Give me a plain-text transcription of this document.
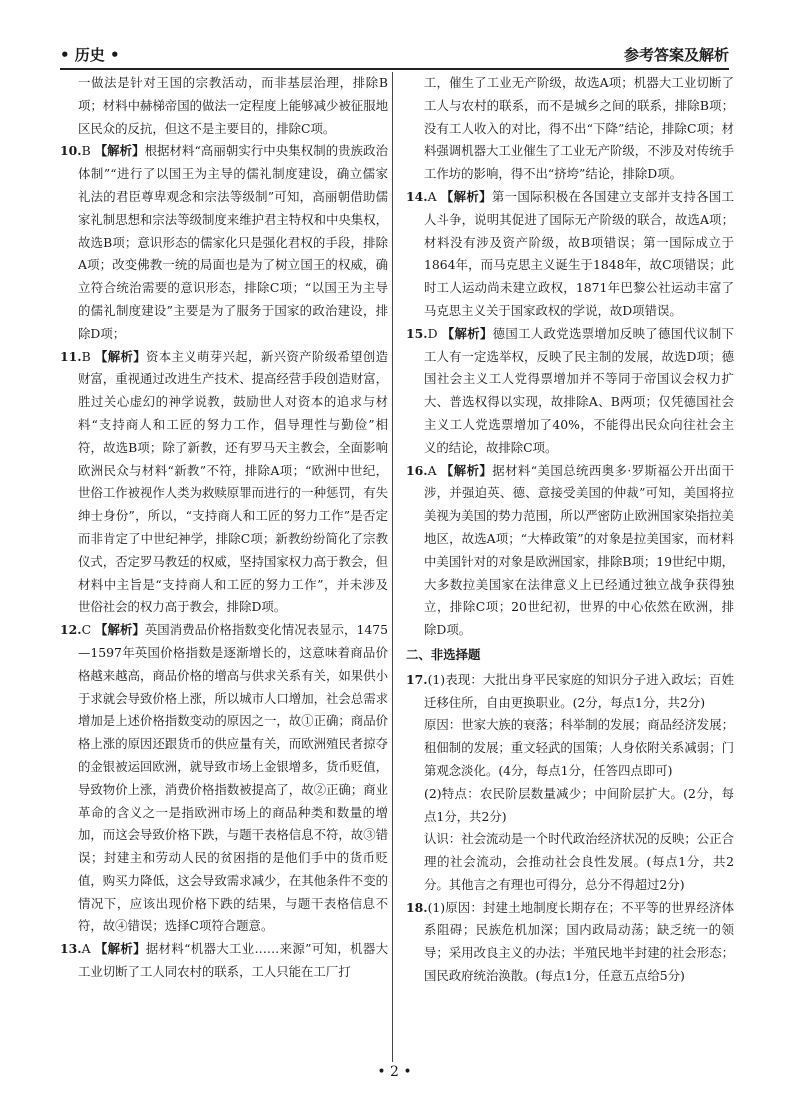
• 历史 •	参考答案及解析

一做法是针对王国的宗教活动，而非基层治理，排除B项；材料中赫梯帝国的做法一定程度上能够减少被征服地区民众的反抗，但这不是主要目的，排除C项。

10.B 【解析】根据材料“高丽朝实行中央集权制的贵族政治体制”“进行了以国王为主导的儒礼制度建设，确立儒家礼法的君臣尊卑观念和宗法等级制”可知，高丽朝借助儒家礼制思想和宗法等级制度来维护君主特权和中央集权，故选B项；意识形态的儒家化只是强化君权的手段，排除A项；改变佛教一统的局面也是为了树立国王的权威，确立符合统治需要的意识形态，排除C项；“以国王为主导的儒礼制度建设”主要是为了服务于国家的政治建设，排除D项；

11.B 【解析】资本主义萌芽兴起，新兴资产阶级希望创造财富，重视通过改进生产技术、提高经营手段创造财富，胜过关心虚幻的神学说教，鼓励世人对资本的追求与材料“支持商人和工匠的努力工作，倡导理性与勤俭”相符，故选B项；除了新教，还有罗马天主教会，全面影响欧洲民众与材料“新教”不符，排除A项；“欧洲中世纪，世俗工作被视作人类为救赎原罪而进行的一种惩罚，有失绅士身份”，所以，“支持商人和工匠的努力工作”是否定而非肯定了中世纪神学，排除C项；新教纷纷简化了宗教仪式，否定罗马教廷的权威，坚持国家权力高于教会，但材料中主旨是“支持商人和工匠的努力工作”，并未涉及世俗社会的权力高于教会，排除D项。

12.C 【解析】英国消费品价格指数变化情况表显示，1475—1597年英国价格指数是逐渐增长的，这意味着商品价格越来越高，商品价格的增高与供求关系有关，如果供小于求就会导致价格上涨，所以城市人口增加，社会总需求增加是上述价格指数变动的原因之一，故①正确；商品价格上涨的原因还跟货币的供应量有关，而欧洲殖民者掠夺的金银被运回欧洲，就导致市场上金银增多，货币贬值，导致物价上涨，消费价格指数被提高了，故②正确；商业革命的含义之一是指欧洲市场上的商品种类和数量的增加，而这会导致价格下跌，与题干表格信息不符，故③错误；封建主和劳动人民的贫困指的是他们手中的货币贬值，购买力降低，这会导致需求减少，在其他条件不变的情况下，应该出现价格下跌的结果，与题干表格信息不符，故④错误；选择C项符合题意。

13.A 【解析】据材料“机器大工业……来源”可知，机器大工业切断了工人同农村的联系，工人只能在工厂打

工，催生了工业无产阶级，故选A项；机器大工业切断了工人与农村的联系，而不是城乡之间的联系，排除B项；没有工人收入的对比，得不出“下降”结论，排除C项；材料强调机器大工业催生了工业无产阶级，不涉及对传统手工作坊的影响，得不出“挤垮”结论，排除D项。

14.A 【解析】第一国际积极在各国建立支部并支持各国工人斗争，说明其促进了国际无产阶级的联合，故选A项；材料没有涉及资产阶级，故B项错误；第一国际成立于1864年，而马克思主义诞生于1848年，故C项错误；此时工人运动尚未建立政权，1871年巴黎公社运动丰富了马克思主义关于国家政权的学说，故D项错误。

15.D 【解析】德国工人政党选票增加反映了德国代议制下工人有一定选举权，反映了民主制的发展，故选D项；德国社会主义工人党得票增加并不等同于帝国议会权力扩大、普选权得以实现，故排除A、B两项；仅凭德国社会主义工人党选票增加了40%，不能得出民众向往社会主义的结论，故排除C项。

16.A 【解析】据材料“美国总统西奥多·罗斯福公开出面干涉，并强迫英、德、意接受美国的仲裁”可知，美国将拉美视为美国的势力范围，所以严密防止欧洲国家染指拉美地区，故选A项；“大棒政策”的对象是拉美国家，而材料中美国针对的对象是欧洲国家，排除B项；19世纪中期，大多数拉美国家在法律意义上已经通过独立战争获得独立，排除C项；20世纪初，世界的中心依然在欧洲，排除D项。

二、非选择题

17.(1)表现：大批出身平民家庭的知识分子进入政坛；百姓迁移住所，自由更换职业。(2分，每点1分，共2分)

原因：世家大族的衰落；科举制的发展；商品经济发展；租佃制的发展；重文轻武的国策；人身依附关系减弱；门第观念淡化。(4分，每点1分，任答四点即可)

(2)特点：农民阶层数量减少；中间阶层扩大。(2分，每点1分，共2分)

认识：社会流动是一个时代政治经济状况的反映；公正合理的社会流动，会推动社会良性发展。(每点1分，共2分。其他言之有理也可得分，总分不得超过2分)

18.(1)原因：封建土地制度长期存在；不平等的世界经济体系阻碍；民族危机加深；国内政局动荡；缺乏统一的领导；采用改良主义的办法；半殖民地半封建的社会形态；国民政府统治涣散。(每点1分，任意五点给5分)

• 2 •
